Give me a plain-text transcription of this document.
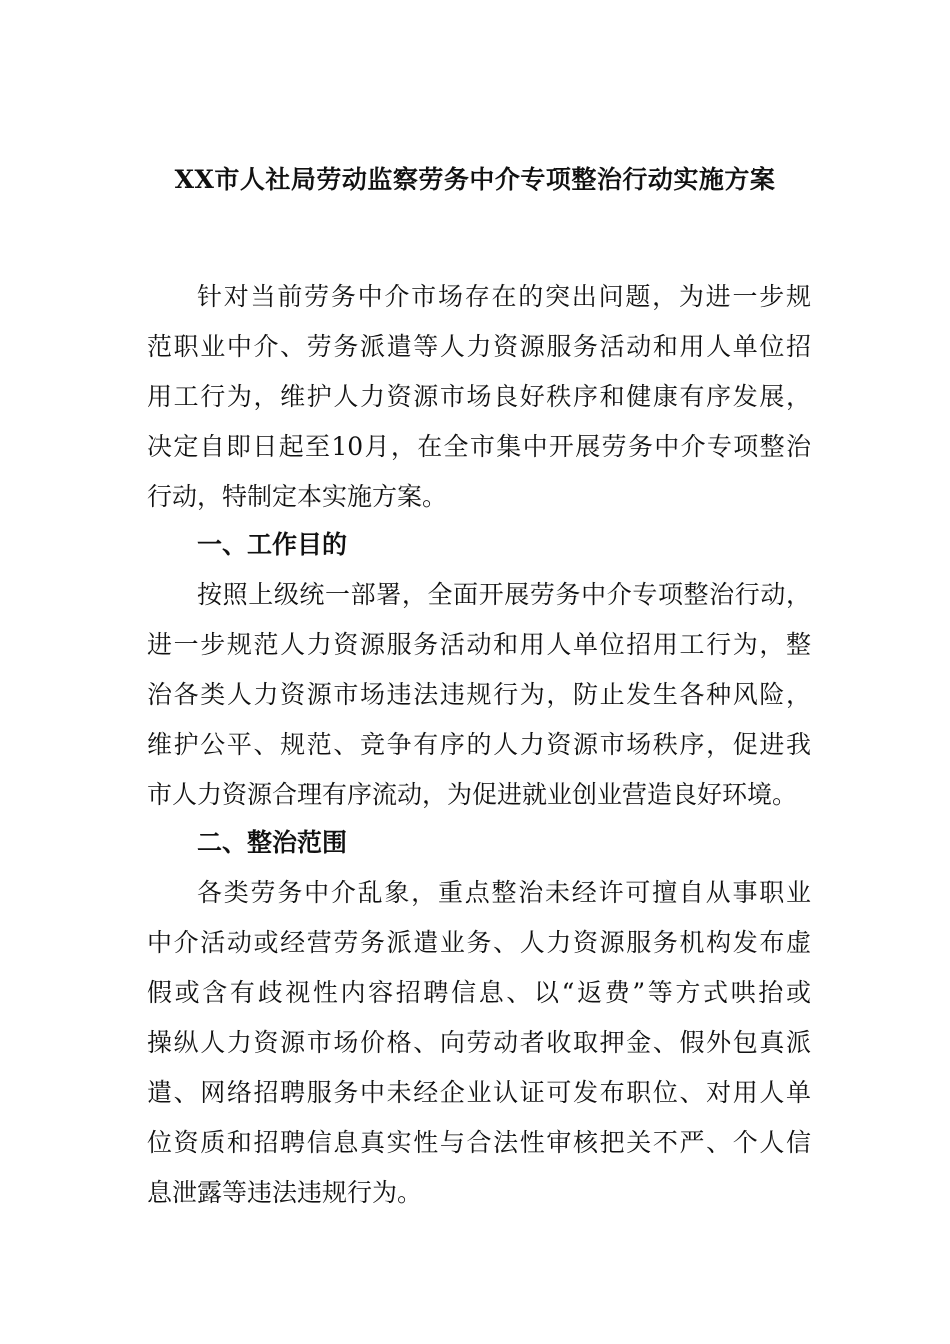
XX市人社局劳动监察劳务中介专项整治行动实施方案
针对当前劳务中介市场存在的突出问题，为进一步规
范职业中介、劳务派遣等人力资源服务活动和用人单位招
用工行为，维护人力资源市场良好秩序和健康有序发展，
决定自即日起至10月，在全市集中开展劳务中介专项整治
行动，特制定本实施方案。
一、工作目的
按照上级统一部署，全面开展劳务中介专项整治行动，
进一步规范人力资源服务活动和用人单位招用工行为，整
治各类人力资源市场违法违规行为，防止发生各种风险，
维护公平、规范、竞争有序的人力资源市场秩序，促进我
市人力资源合理有序流动，为促进就业创业营造良好环境。
二、整治范围
各类劳务中介乱象，重点整治未经许可擅自从事职业
中介活动或经营劳务派遣业务、人力资源服务机构发布虚
假或含有歧视性内容招聘信息、以“返费”等方式哄抬或
操纵人力资源市场价格、向劳动者收取押金、假外包真派
遣、网络招聘服务中未经企业认证可发布职位、对用人单
位资质和招聘信息真实性与合法性审核把关不严、个人信
息泄露等违法违规行为。
